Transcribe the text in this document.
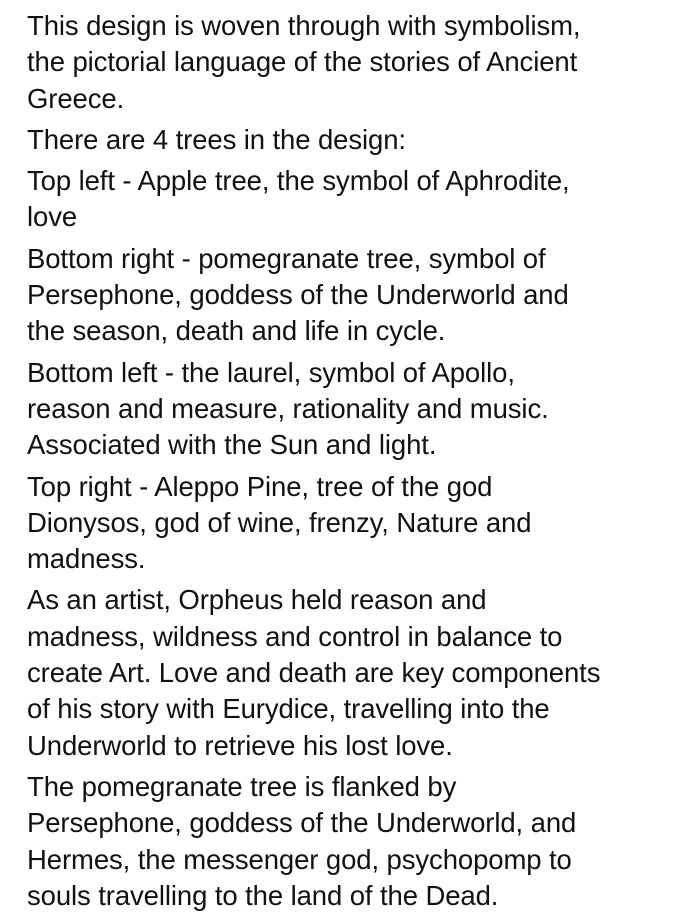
This design is woven through with symbolism,
the pictorial language of the stories of Ancient
Greece.

There are 4 trees in the design:

Top left - Apple tree, the symbol of Aphrodite,
love

Bottom right - pomegranate tree, symbol of
Persephone, goddess of the Underworld and
the season, death and life in cycle.

Bottom left - the laurel, symbol of Apollo,
reason and measure, rationality and music.
Associated with the Sun and light.

Top right - Aleppo Pine, tree of the god
Dionysos, god of wine, frenzy, Nature and
madness.

As an artist, Orpheus held reason and
madness, wildness and control in balance to
create Art. Love and death are key components
of his story with Eurydice, travelling into the
Underworld to retrieve his lost love.

The pomegranate tree is flanked by
Persephone, goddess of the Underworld, and
Hermes, the messenger god, psychopomp to
souls travelling to the land of the Dead.
